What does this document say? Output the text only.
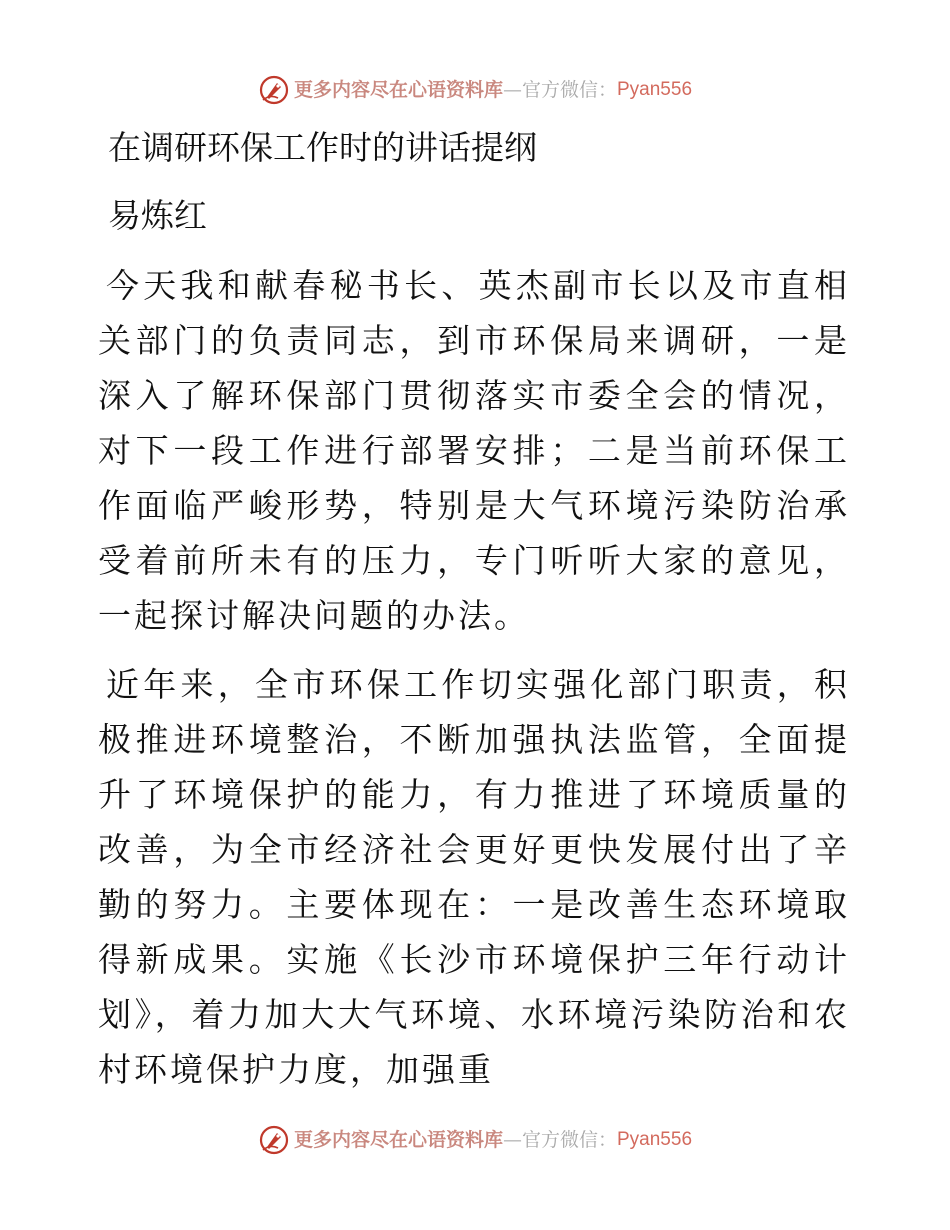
更多内容尽在心语资料库 — 官方微信： Pyan556
在调研环保工作时的讲话提纲
易炼红

今天我和献春秘书长、英杰副市长以及市直相关部门的负责同志，到市环保局来调研，一是深入了解环保部门贯彻落实市委全会的情况，对下一段工作进行部署安排；二是当前环保工作面临严峻形势，特别是大气环境污染防治承受着前所未有的压力，专门听听大家的意见，一起探讨解决问题的办法。

近年来，全市环保工作切实强化部门职责，积极推进环境整治，不断加强执法监管，全面提升了环境保护的能力，有力推进了环境质量的改善，为全市经济社会更好更快发展付出了辛勤的努力。主要体现在：一是改善生态环境取得新成果。实施《长沙市环境保护三年行动计划》，着力加大大气环境、水环境污染防治和农村环境保护力度，加强重

更多内容尽在心语资料库 — 官方微信： Pyan556
